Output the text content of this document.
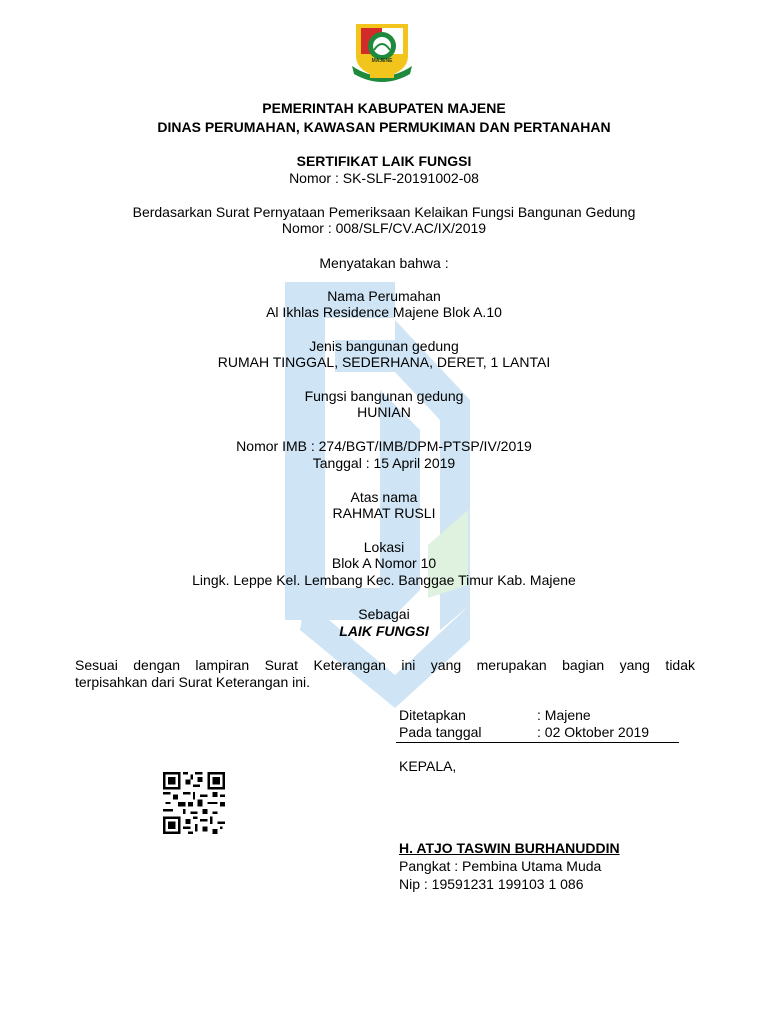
MAJENE
PEMERINTAH KABUPATEN MAJENE
DINAS PERUMAHAN, KAWASAN PERMUKIMAN DAN PERTANAHAN
SERTIFIKAT LAIK FUNGSI
Nomor : SK-SLF-20191002-08
Berdasarkan Surat Pernyataan Pemeriksaan Kelaikan Fungsi Bangunan Gedung
Nomor : 008/SLF/CV.AC/IX/2019
Menyatakan bahwa :
Nama Perumahan
Al Ikhlas Residence Majene Blok A.10
Jenis bangunan gedung
RUMAH TINGGAL, SEDERHANA, DERET, 1 LANTAI
Fungsi bangunan gedung
HUNIAN
Nomor IMB : 274/BGT/IMB/DPM-PTSP/IV/2019
Tanggal : 15 April 2019
Atas nama
RAHMAT RUSLI
Lokasi
Blok A Nomor 10
Lingk. Leppe Kel. Lembang Kec. Banggae Timur Kab. Majene
Sebagai
LAIK FUNGSI
Sesuai dengan lampiran Surat Keterangan ini yang merupakan bagian yang tidak
terpisahkan dari Surat Keterangan ini.
Ditetapkan	: Majene
Pada tanggal	: 02 Oktober 2019
KEPALA,
H. ATJO TASWIN BURHANUDDIN
Pangkat : Pembina Utama Muda
Nip : 19591231 199103 1 086
